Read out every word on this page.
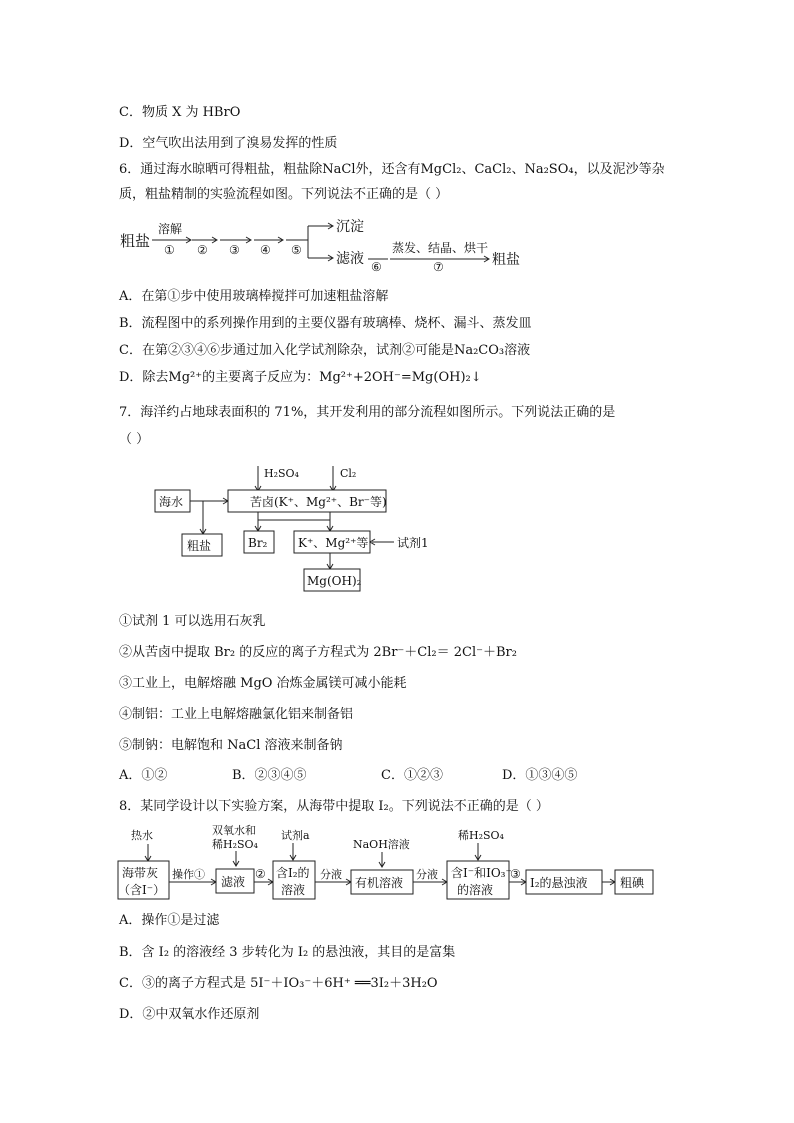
C．物质 X 为 HBrO
D．空气吹出法用到了溴易发挥的性质
6．通过海水晾晒可得粗盐，粗盐除NaCl外，还含有MgCl₂、CaCl₂、Na₂SO₄，以及泥沙等杂
质，粗盐精制的实验流程如图。下列说法不正确的是（ ）
粗盐
溶解
① ② ③ ④ ⑤
沉淀
滤液 ⑥
蒸发、结晶、烘干
⑦	粗盐
A．在第①步中使用玻璃棒搅拌可加速粗盐溶解
B．流程图中的系列操作用到的主要仪器有玻璃棒、烧杯、漏斗、蒸发皿
C．在第②③④⑥步通过加入化学试剂除杂，试剂②可能是Na₂CO₃溶液
D．除去Mg²⁺的主要离子反应为：Mg²⁺+2OH⁻=Mg(OH)₂↓
7．海洋约占地球表面积的 71%，其开发利用的部分流程如图所示。下列说法正确的是
（ ）
H₂SO₄	Cl₂
海水	苦卤(K⁺、Mg²⁺、Br⁻等)
粗盐	Br₂	K⁺、Mg²⁺等 试剂1
Mg(OH)₂
①试剂 1 可以选用石灰乳
②从苦卤中提取 Br₂ 的反应的离子方程式为 2Br⁻＋Cl₂＝ 2Cl⁻＋Br₂
③工业上，电解熔融 MgO 冶炼金属镁可减小能耗
④制铝：工业上电解熔融氯化铝来制备铝
⑤制钠：电解饱和 NaCl 溶液来制备钠
A．①②	B．②③④⑤	C．①②③	D．①③④⑤
8．某同学设计以下实验方案，从海带中提取 I₂。下列说法不正确的是（ ）
热水	双氧水和
稀H₂SO₄
试剂a
NaOH溶液
稀H₂SO₄
海带灰
（含I⁻）
操作①
滤液
② 含I₂的
溶液
分液
有机溶液
分液 含I⁻和IO₃⁻
的溶液
③
I₂的悬浊液	粗碘
A．操作①是过滤
B．含 I₂ 的溶液经 3 步转化为 I₂ 的悬浊液，其目的是富集
C．③的离子方程式是 5I⁻＋IO₃⁻＋6H⁺ ══3I₂＋3H₂O
D．②中双氧水作还原剂
